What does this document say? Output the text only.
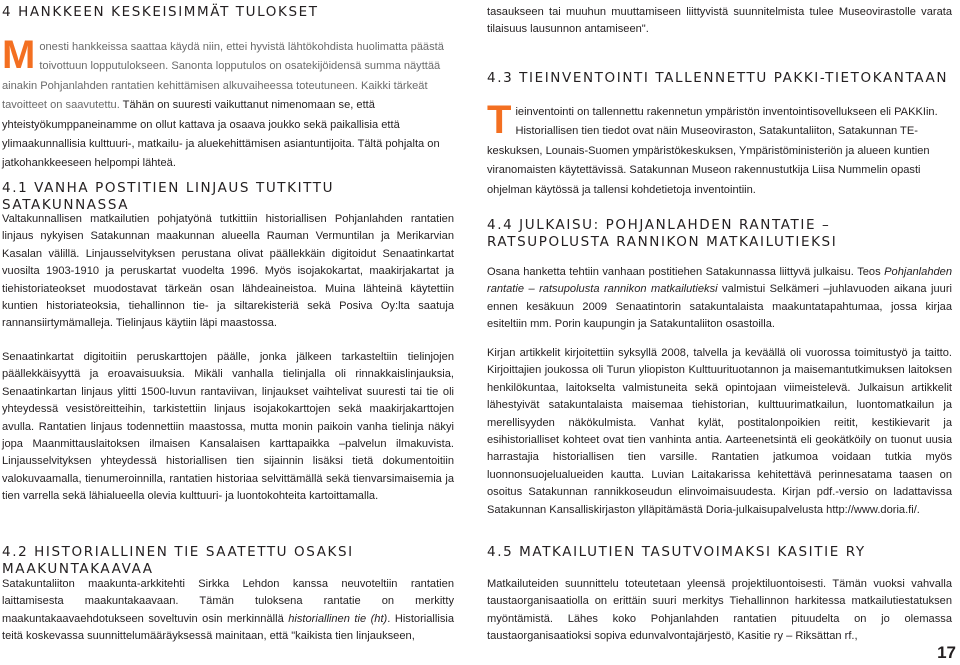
4 HANKKEEN KESKEISIMMÄT TULOKSET
M onesti hankkeissa saattaa käydä niin, ettei hyvistä lähtökohdista huolimatta päästä toivottuun lopputulokseen. Sanonta lopputulos on osatekijöidensä summa näyttää ainakin Pohjanlahden rantatien kehittämisen alkuvaiheessa toteutuneen. Kaikki tärkeät tavoitteet on saavutettu. Tähän on suuresti vaikuttanut nimenomaan se, että yhteistyökumppaneinamme on ollut kattava ja osaava joukko sekä paikallisia että ylimaakunnallisia kulttuuri-, matkailu- ja aluekehittämisen asiantuntijoita. Tältä pohjalta on jatkohankkeeseen helpompi lähteä.

4.1 VANHA POSTITIEN LINJAUS TUTKITTU SATAKUNNASSA

Valtakunnallisen matkailutien pohjatyönä tutkittiin historiallisen Pohjanlahden rantatien linjaus nykyisen Satakunnan maakunnan alueella Rauman Vermuntilan ja Merikarvian Kasalan välillä. Linjausselvityksen perustana olivat päällekkäin digitoidut Senaatinkartat vuosilta 1903-1910 ja peruskartat vuodelta 1996. Myös isojakokartat, maakirjakartat ja tiehistoriateokset muodostavat tärkeän osan lähdeaineistoa. Muina lähteinä käytettiin kuntien historiateoksia, tiehallinnon tie- ja siltarekisteriä sekä Posiva Oy:lta saatuja rannansiirtymämalleja. Tielinjaus käytiin läpi maastossa.

Senaatinkartat digitoitiin peruskarttojen päälle, jonka jälkeen tarkasteltiin tielinjojen päällekkäisyyttä ja eroavaisuuksia. Mikäli vanhalla tielinjalla oli rinnakkaislinjauksia, Senaatinkartan linjaus ylitti 1500-luvun rantaviivan, linjaukset vaihtelivat suuresti tai tie oli yhteydessä vesistöreitteihin, tarkistettiin linjaus isojakokarttojen sekä maakirjakarttojen avulla. Rantatien linjaus todennettiin maastossa, mutta monin paikoin vanha tielinja näkyi jopa Maanmittauslaitoksen ilmaisen Kansalaisen karttapaikka –palvelun ilmakuvista. Linjausselvityksen yhteydessä historiallisen tien sijainnin lisäksi tietä dokumentoitiin valokuvaamalla, tienumeroinnilla, rantatien historiaa selvittämällä sekä tienvarsimaisemia ja tien varrella sekä lähialueella olevia kulttuuri- ja luontokohteita kartoittamalla.

4.2 HISTORIALLINEN TIE SAATETTU OSAKSI MAAKUNTAKAAVAA

Satakuntaliiton maakunta-arkkitehti Sirkka Lehdon kanssa neuvoteltiin rantatien laittamisesta maakuntakaavaan. Tämän tuloksena rantatie on merkitty maakuntakaavaehdotukseen soveltuvin osin merkinnällä historiallinen tie (ht). Historiallisia teitä koskevassa suunnittelumääräyksessä mainitaan, että "kaikista tien linjaukseen,

tasaukseen tai muuhun muuttamiseen liittyvistä suunnitelmista tulee Museovirastolle varata tilaisuus lausunnon antamiseen".

4.3 TIEINVENTOINTI TALLENNETTU PAKKI-TIETOKANTAAN
T ieinventointi on tallennettu rakennetun ympäristön inventointisovellukseen eli PAKKIin. Historiallisen tien tiedot ovat näin Museoviraston, Satakuntaliiton, Satakunnan TE-keskuksen, Lounais-Suomen ympäristökeskuksen, Ympäristöministeriön ja alueen kuntien viranomaisten käytettävissä. Satakunnan Museon rakennustutkija Liisa Nummelin opasti ohjelman käytössä ja tallensi kohdetietoja inventointiin.

4.4 JULKAISU: POHJANLAHDEN RANTATIE – RATSUPOLUSTA RANNIKON MATKAILUTIEKSI

Osana hanketta tehtiin vanhaan postitiehen Satakunnassa liittyvä julkaisu. Teos Pohjanlahden rantatie – ratsupolusta rannikon matkailutieksi valmistui Selkämeri –juhlavuoden aikana juuri ennen kesäkuun 2009 Senaatintorin satakuntalaista maakuntatapahtumaa, jossa kirjaa esiteltiin mm. Porin kaupungin ja Satakuntaliiton osastoilla.

Kirjan artikkelit kirjoitettiin syksyllä 2008, talvella ja keväällä oli vuorossa toimitustyö ja taitto. Kirjoittajien joukossa oli Turun yliopiston Kulttuurituotannon ja maisemantutkimuksen laitoksen henkilökuntaa, laitokselta valmistuneita sekä opintojaan viimeistelevä. Julkaisun artikkelit lähestyivät satakuntalaista maisemaa tiehistorian, kulttuurimatkailun, luontomatkailun ja merellisyyden näkökulmista. Vanhat kylät, postitalonpoikien reitit, kestikievarit ja esihistorialliset kohteet ovat tien vanhinta antia. Aarteenetsintä eli geokätköily on tuonut uusia harrastajia historiallisen tien varsille. Rantatien jatkumoa voidaan tutkia myös luonnonsuojelualueiden kautta. Luvian Laitakarissa kehitettävä perinnesatama taasen on osoitus Satakunnan rannikkoseudun elinvoimaisuudesta. Kirjan pdf.-versio on ladattavissa Satakunnan Kansalliskirjaston ylläpitämästä Doria-julkaisupalvelusta http://www.doria.fi/.

4.5 MATKAILUTIEN TASUTVOIMAKSI KASITIE RY

Matkailuteiden suunnittelu toteutetaan yleensä projektiluontoisesti. Tämän vuoksi vahvalla taustaorganisaatiolla on erittäin suuri merkitys Tiehallinnon harkitessa matkailutiestatuksen myöntämistä. Lähes koko Pohjanlahden rantatien pituudelta on jo olemassa taustaorganisaatioksi sopiva edunvalvontajärjestö, Kasitie ry – Riksättan rf.,

17
